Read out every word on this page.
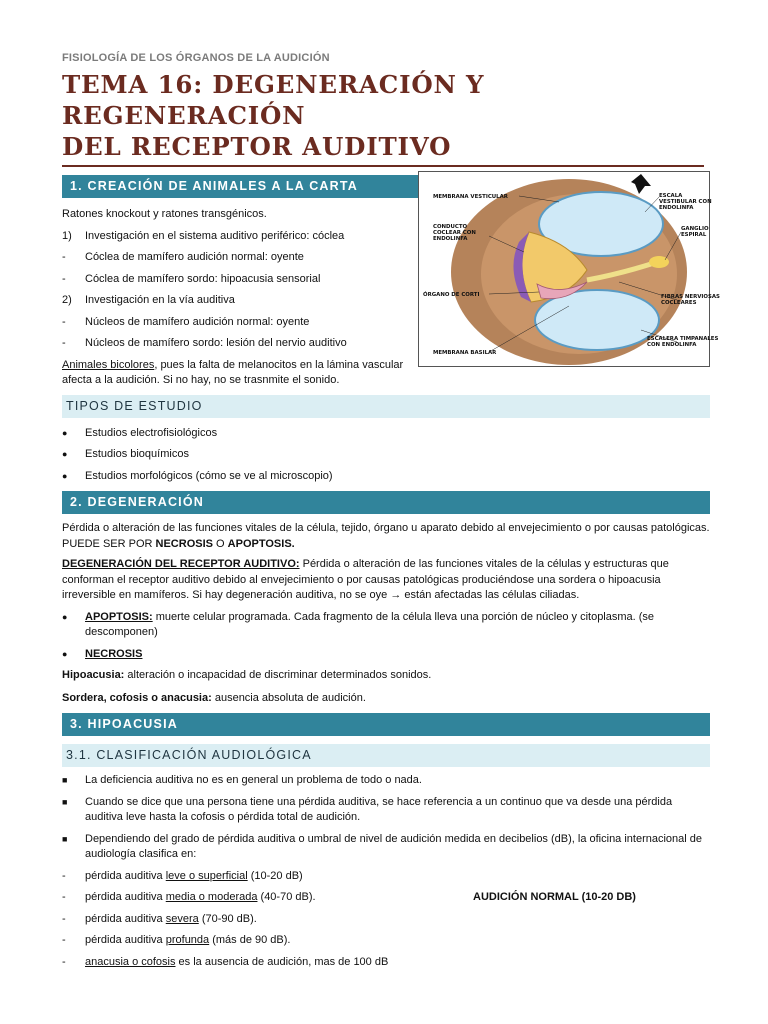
FISIOLOGÍA DE LOS ÓRGANOS DE LA AUDICIÓN
TEMA 16: DEGENERACIÓN Y REGENERACIÓN
DEL RECEPTOR AUDITIVO
1. CREACIÓN DE ANIMALES A LA CARTA
Ratones knockout y ratones transgénicos.
1)	Investigación en el sistema auditivo periférico: cóclea
-	Cóclea de mamífero audición normal: oyente
-	Cóclea de mamífero sordo: hipoacusia sensorial
2)	Investigación en la vía auditiva
-	Núcleos de mamífero audición normal: oyente
-	Núcleos de mamífero sordo: lesión del nervio auditivo
Animales bicolores, pues la falta de melanocitos en la lámina vascular afecta a la audición. Si no hay, no se trasnmite el sonido.
TIPOS DE ESTUDIO
●	Estudios electrofisiológicos
●	Estudios bioquímicos
●	Estudios morfológicos (cómo se ve al microscopio)
2. DEGENERACIÓN
Pérdida o alteración de las funciones vitales de la célula, tejido, órgano u aparato debido al envejecimiento o por causas patológicas. PUEDE SER POR NECROSIS O APOPTOSIS.
DEGENERACIÓN DEL RECEPTOR AUDITIVO: Pérdida o alteración de las funciones vitales de la células y estructuras que conforman el receptor auditivo debido al envejecimiento o por causas patológicas produciéndose una sordera o hipoacusia irreversible en mamíferos. Si hay degeneración auditiva, no se oye → están afectadas las células ciliadas.
●	APOPTOSIS: muerte celular programada. Cada fragmento de la célula lleva una porción de núcleo y citoplasma. (se descomponen)
●	NECROSIS
Hipoacusia: alteración o incapacidad de discriminar determinados sonidos.
Sordera, cofosis o anacusia: ausencia absoluta de audición.
3. HIPOACUSIA
3.1. CLASIFICACIÓN AUDIOLÓGICA
■	La deficiencia auditiva no es en general un problema de todo o nada.
■	Cuando se dice que una persona tiene una pérdida auditiva, se hace referencia a un continuo que va desde una pérdida auditiva leve hasta la cofosis o pérdida total de audición.
■	Dependiendo del grado de pérdida auditiva o umbral de nivel de audición medida en decibelios (dB), la oficina internacional de audiología clasifica en:
-	pérdida auditiva leve o superficial (10-20 dB)
-	pérdida auditiva media o moderada (40-70 dB).	AUDICIÓN NORMAL (10-20 DB)
-	pérdida auditiva severa (70-90 dB).
-	pérdida auditiva profunda (más de 90 dB).
-	anacusia o cofosis es la ausencia de audición, mas de 100 dB
MEMBRANA VESTICULAR	ESCALA
VESTIBULAR CON
ENDOLINFA
CONDUCTO
COCLEAR CON
ENDOLINFA
GANGLIO
ESPIRAL
ÓRGANO DE CORTI	FIBRAS NERVIOSAS
COCLEARES
ESCALERA TIMPANALES
CON ENDOLINFA
MEMBRANA BASILAR
